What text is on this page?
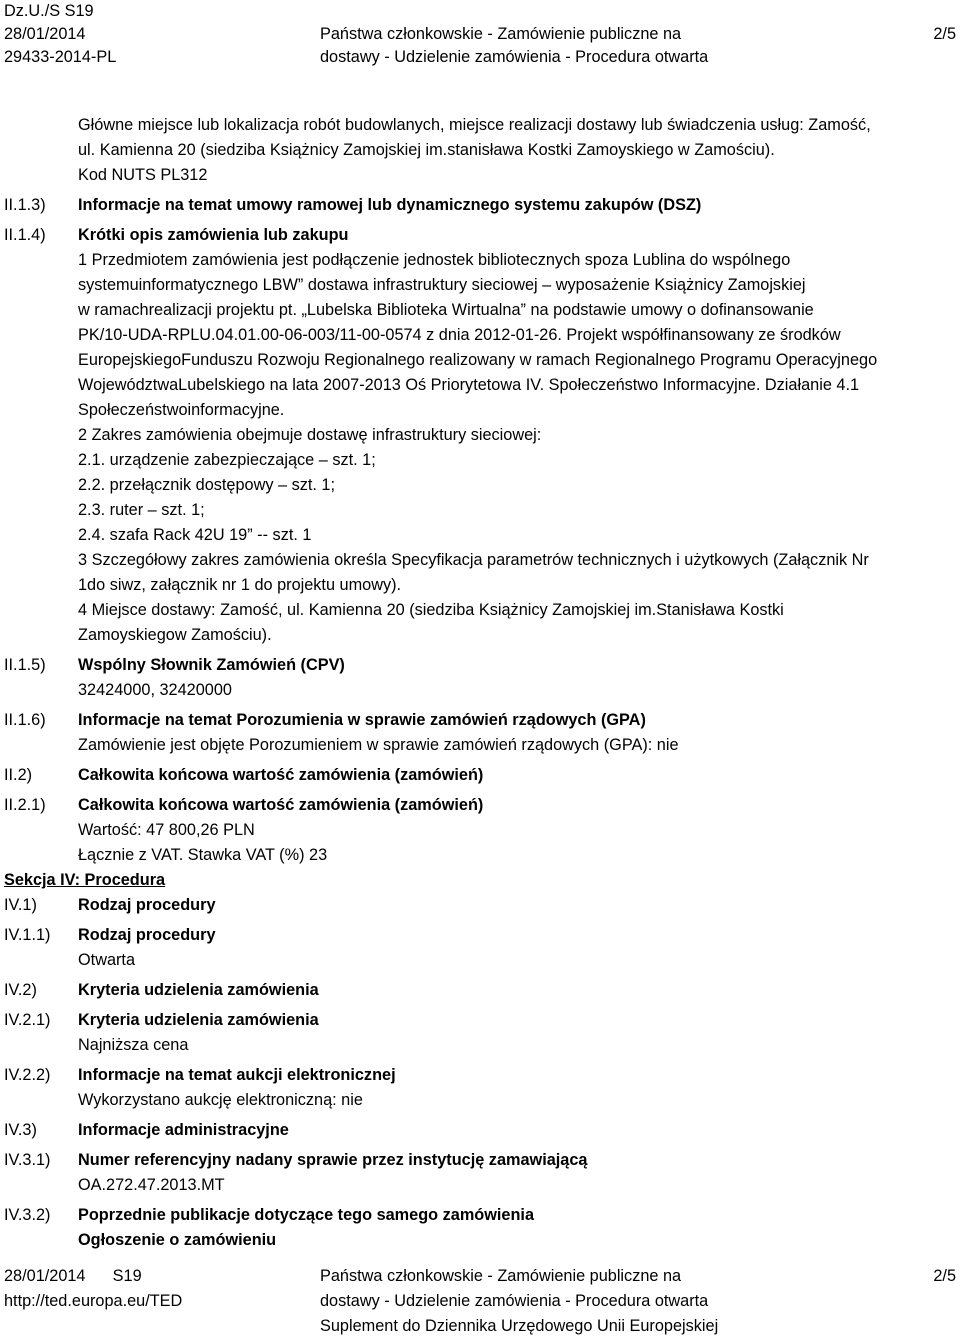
Dz.U./S S19
28/01/2014
29433-2014-PL
Państwa członkowskie - Zamówienie publiczne na
dostawy - Udzielenie zamówienia - Procedura otwarta
2/5
Główne miejsce lub lokalizacja robót budowlanych, miejsce realizacji dostawy lub świadczenia usług: Zamość,
ul. Kamienna 20 (siedziba Książnicy Zamojskiej im.stanisława Kostki Zamoyskiego w Zamościu).
Kod NUTS PL312
II.1.3) Informacje na temat umowy ramowej lub dynamicznego systemu zakupów (DSZ)
II.1.4) Krótki opis zamówienia lub zakupu
1 Przedmiotem zamówienia jest podłączenie jednostek bibliotecznych spoza Lublina do wspólnego
systemuinformatycznego LBW” dostawa infrastruktury sieciowej – wyposażenie Książnicy Zamojskiej
w ramachrealizacji projektu pt. „Lubelska Biblioteka Wirtualna” na podstawie umowy o dofinansowanie
PK/10-UDA-RPLU.04.01.00-06-003/11-00-0574 z dnia 2012-01-26. Projekt współfinansowany ze środków
EuropejskiegoFunduszu Rozwoju Regionalnego realizowany w ramach Regionalnego Programu Operacyjnego
WojewództwaLubelskiego na lata 2007-2013 Oś Priorytetowa IV. Społeczeństwo Informacyjne. Działanie 4.1
Społeczeństwoinformacyjne.
2 Zakres zamówienia obejmuje dostawę infrastruktury sieciowej:
2.1. urządzenie zabezpieczające – szt. 1;
2.2. przełącznik dostępowy – szt. 1;
2.3. ruter – szt. 1;
2.4. szafa Rack 42U 19” -- szt. 1
3 Szczegółowy zakres zamówienia określa Specyfikacja parametrów technicznych i użytkowych (Załącznik Nr
1do siwz, załącznik nr 1 do projektu umowy).
4 Miejsce dostawy: Zamość, ul. Kamienna 20 (siedziba Książnicy Zamojskiej im.Stanisława Kostki
Zamoyskiegow Zamościu).
II.1.5) Wspólny Słownik Zamówień (CPV)
32424000, 32420000
II.1.6) Informacje na temat Porozumienia w sprawie zamówień rządowych (GPA)
Zamówienie jest objęte Porozumieniem w sprawie zamówień rządowych (GPA): nie
II.2)	Całkowita końcowa wartość zamówienia (zamówień)
II.2.1) Całkowita końcowa wartość zamówienia (zamówień)
Wartość: 47 800,26 PLN
Łącznie z VAT. Stawka VAT (%) 23
Sekcja IV: Procedura
IV.1)	Rodzaj procedury
IV.1.1) Rodzaj procedury
Otwarta
IV.2)	Kryteria udzielenia zamówienia
IV.2.1) Kryteria udzielenia zamówienia
Najniższa cena
IV.2.2) Informacje na temat aukcji elektronicznej
Wykorzystano aukcję elektroniczną: nie
IV.3)	Informacje administracyjne
IV.3.1) Numer referencyjny nadany sprawie przez instytucję zamawiającą
OA.272.47.2013.MT
IV.3.2) Poprzednie publikacje dotyczące tego samego zamówienia
Ogłoszenie o zamówieniu
28/01/2014 S19
http://ted.europa.eu/TED
Państwa członkowskie - Zamówienie publiczne na
dostawy - Udzielenie zamówienia - Procedura otwarta
Suplement do Dziennika Urzędowego Unii Europejskiej
2/5
